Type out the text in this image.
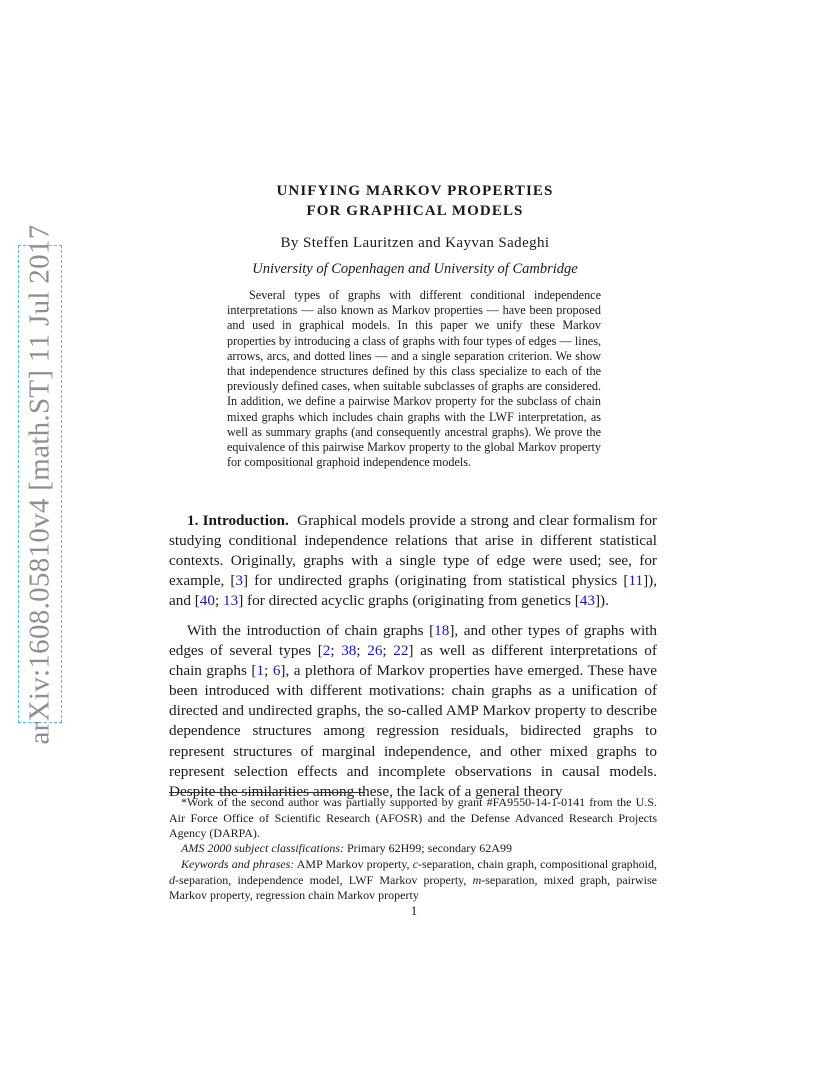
arXiv:1608.05810v4 [math.ST] 11 Jul 2017
UNIFYING MARKOV PROPERTIES
FOR GRAPHICAL MODELS
By Steffen Lauritzen and Kayvan Sadeghi
University of Copenhagen and University of Cambridge

Several types of graphs with different conditional independence interpretations — also known as Markov properties — have been proposed and used in graphical models. In this paper we unify these Markov properties by introducing a class of graphs with four types of edges — lines, arrows, arcs, and dotted lines — and a single separation criterion. We show that independence structures defined by this class specialize to each of the previously defined cases, when suitable subclasses of graphs are considered. In addition, we define a pairwise Markov property for the subclass of chain mixed graphs which includes chain graphs with the LWF interpretation, as well as summary graphs (and consequently ancestral graphs). We prove the equivalence of this pairwise Markov property to the global Markov property for compositional graphoid independence models.

1. Introduction. Graphical models provide a strong and clear formalism for studying conditional independence relations that arise in different statistical contexts. Originally, graphs with a single type of edge were used; see, for example, [3] for undirected graphs (originating from statistical physics [11]), and [40; 13] for directed acyclic graphs (originating from genetics [43]).

With the introduction of chain graphs [18], and other types of graphs with edges of several types [2; 38; 26; 22] as well as different interpretations of chain graphs [1; 6], a plethora of Markov properties have emerged. These have been introduced with different motivations: chain graphs as a unification of directed and undirected graphs, the so-called AMP Markov property to describe dependence structures among regression residuals, bidirected graphs to represent structures of marginal independence, and other mixed graphs to represent selection effects and incomplete observations in causal models. Despite the similarities among these, the lack of a general theory

*Work of the second author was partially supported by grant #FA9550-14-1-0141 from the U.S. Air Force Office of Scientific Research (AFOSR) and the Defense Advanced Research Projects Agency (DARPA).

AMS 2000 subject classifications: Primary 62H99; secondary 62A99

Keywords and phrases: AMP Markov property, c-separation, chain graph, compositional graphoid, d-separation, independence model, LWF Markov property, m-separation, mixed graph, pairwise Markov property, regression chain Markov property

1
